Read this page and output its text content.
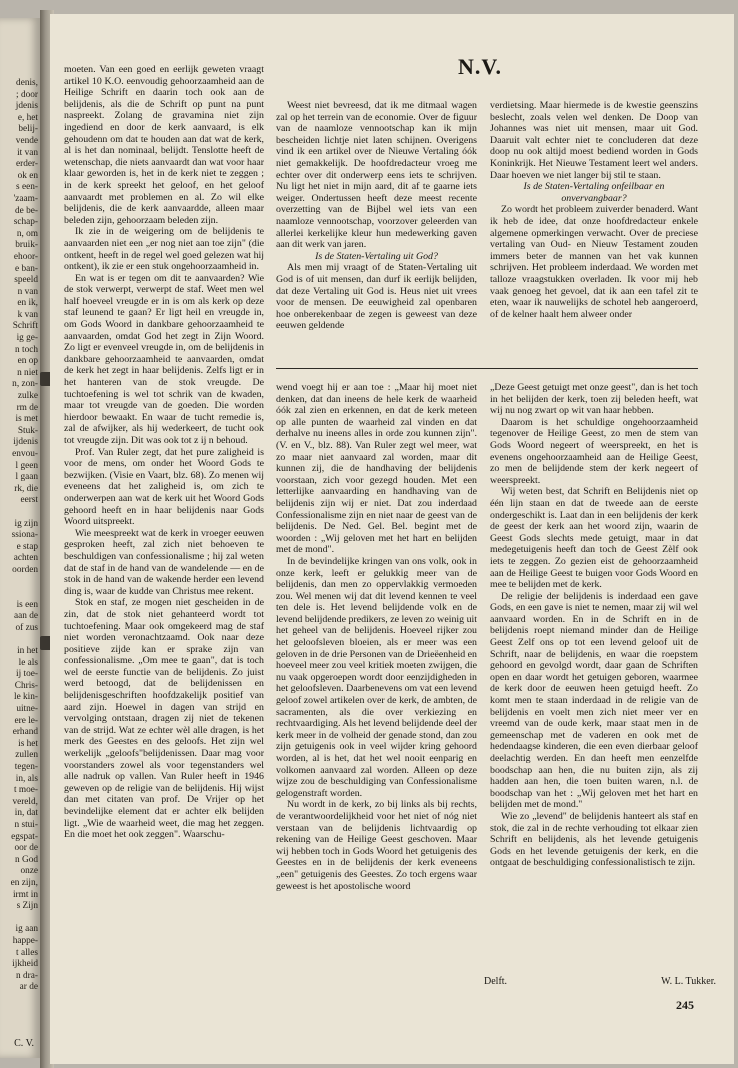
denis,
; door
jdenis
e, het
belij-
vende
it van
erder-
ok en
s een-
'zaam-
de be-
schap-
n, om
bruik-
ehoor-
e ban-
speeld
n van
en ik,
k van
Schrift
ig ge-
n toch
en op
n niet
n, zon-
zulke
rm de
is met
Stuk-
ijdenis
envou-
l geen
l gaan
rk, die
eerst

ig zijn
ssiona-
e stap
achten
oorden

is een
aan de
of zus

in het
le als
ij toe-
Chris-
le kin-
uitne-
ere le-
erhand
is het
zullen
tegen-
in, als
t moe-
vereld,
in, dat
n stui-
egspat-
oor de
n God
onze
en zijn,
irmt in
s Zijn

ig aan
happe-
t alles
ijkheid
n dra-
ar de
C. V.
N.V.

moeten. Van een goed en eerlijk geweten vraagt artikel 10 K.O. eenvoudig gehoorzaamheid aan de Heilige Schrift en daarin toch ook aan de belijdenis, als die de Schrift op punt na punt naspreekt. Zolang de gravamina niet zijn ingediend en door de kerk aanvaard, is elk gehoudenn om dat te houden aan dat wat de kerk, al is het dan nominaal, belijdt. Tenslotte heeft de wetenschap, die niets aanvaardt dan wat voor haar klaar geworden is, het in de kerk niet te zeggen ; in de kerk spreekt het geloof, en het geloof aanvaardt met problemen en al. Zo wil elke belijdenis, die de kerk aanvaardde, alleen maar beleden zijn, gehoorzaam beleden zijn.

Ik zie in de weigering om de belijdenis te aanvaarden niet een „er nog niet aan toe zijn" (die ontkent, heeft in de regel wel goed gelezen wat hij ontkent), ik zie er een stuk ongehoorzaamheid in.

En wat is er tegen om dit te aanvaarden? Wie de stok verwerpt, verwerpt de staf. Weet men wel half hoeveel vreugde er in is om als kerk op deze staf leunend te gaan? Er ligt heil en vreugde in, om Gods Woord in dankbare gehoorzaamheid te aanvaarden, omdat God het zegt in Zijn Woord. Zo ligt er evenveel vreugde in, om de belijdenis in dankbare gehoorzaamheid te aanvaarden, omdat de kerk het zegt in haar belijdenis. Zelfs ligt er in het hanteren van de stok vreugde. De tuchtoefening is wel tot schrik van de kwaden, maar tot vreugde van de goeden. Die worden hierdoor bewaakt. En waar de tucht remedie is, zal de afwijker, als hij wederkeert, de tucht ook tot vreugde zijn. Dit was ook tot z ij n behoud.

Prof. Van Ruler zegt, dat het pure zaligheid is voor de mens, om onder het Woord Gods te bezwijken. (Visie en Vaart, blz. 68). Zo menen wij eveneens dat het zaligheid is, om zich te onderwerpen aan wat de kerk uit het Woord Gods gehoord heeft en in haar belijdenis naar Gods Woord uitspreekt.

Wie meespreekt wat de kerk in vroeger eeuwen gesproken heeft, zal zich niet behoeven te beschuldigen van confessionalisme ; hij zal weten dat de staf in de hand van de wandelende — en de stok in de hand van de wakende herder een levend ding is, waar de kudde van Christus mee rekent.

Stok en staf, ze mogen niet gescheiden in de zin, dat de stok niet gehanteerd wordt tot tuchtoefening. Maar ook omgekeerd mag de staf niet worden veronachtzaamd. Ook naar deze positieve zijde kan er sprake zijn van confessionalisme. „Om mee te gaan", dat is toch wel de eerste functie van de belijdenis. Zo juist werd betoogd, dat de belijdenissen en belijdenisgeschriften hoofdzakelijk positief van aard zijn. Hoewel in dagen van strijd en vervolging ontstaan, dragen zij niet de tekenen van de strijd. Wat ze echter wèl alle dragen, is het merk des Geestes en des geloofs. Het zijn wel werkelijk „geloofs"belijdenissen. Daar mag voor voorstanders zowel als voor tegenstanders wel alle nadruk op vallen. Van Ruler heeft in 1946 geweven op de religie van de belijdenis. Hij wijst dan met citaten van prof. De Vrijer op het bevindelijke element dat er achter elk belijden ligt. „Wie de waarheid weet, die mag het zeggen. En die moet het ook zeggen". Waarschu-

Weest niet bevreesd, dat ik me ditmaal wagen zal op het terrein van de economie. Over de figuur van de naamloze vennootschap kan ik mijn bescheiden lichtje niet laten schijnen. Overigens vind ik een artikel over de Nieuwe Vertaling óók niet gemakkelijk. De hoofdredacteur vroeg me echter over dit onderwerp eens iets te schrijven. Nu ligt het niet in mijn aard, dit af te gaarne iets weiger. Ondertussen heeft deze meest recente overzetting van de Bijbel wel iets van een naamloze vennootschap, voorzover geleerden van allerlei kerkelijke kleur hun medewerking gaven aan dit werk van jaren.

Is de Staten-Vertaling uit God?

Als men mij vraagt of de Staten-Vertaling uit God is of uit mensen, dan durf ik eerlijk belijden, dat deze Vertaling uit God is. Heus niet uit vrees voor de mensen. De eeuwigheid zal openbaren hoe onberekenbaar de zegen is geweest van deze eeuwen geldende

verdietsing. Maar hiermede is de kwestie geenszins beslecht, zoals velen wel denken. De Doop van Johannes was niet uit mensen, maar uit God. Daaruit valt echter niet te concluderen dat deze doop nu ook altijd moest bediend worden in Gods Koninkrijk. Het Nieuwe Testament leert wel anders. Daar hoeven we niet langer bij stil te staan.

Is de Staten-Vertaling onfeilbaar en onvervangbaar?

Zo wordt het probleem zuiverder benaderd. Want ik heb de idee, dat onze hoofdredacteur enkele algemene opmerkingen verwacht. Over de preciese vertaling van Oud- en Nieuw Testament zouden immers beter de mannen van het vak kunnen schrijven. Het probleem inderdaad. We worden met talloze vraagstukken overladen. Ik voor mij heb vaak genoeg het gevoel, dat ik aan een tafel zit te eten, waar ik nauwelijks de schotel heb aangeroerd, of de kelner haalt hem alweer onder

wend voegt hij er aan toe : „Maar hij moet niet denken, dat dan ineens de hele kerk de waarheid óók zal zien en erkennen, en dat de kerk meteen op alle punten de waarheid zal vinden en dat derhalve nu ineens alles in orde zou kunnen zijn". (V. en V., blz. 88). Van Ruler zegt wel meer, wat zo maar niet aanvaard zal worden, maar dit kunnen zij, die de handhaving der belijdenis voorstaan, zich voor gezegd houden. Met een letterlijke aanvaarding en handhaving van de belijdenis zijn wij er niet. Dat zou inderdaad Confessionalisme zijn en niet naar de geest van de belijdenis. De Ned. Gel. Bel. begint met de woorden : „Wij geloven met het hart en belijden met de mond".

In de bevindelijke kringen van ons volk, ook in onze kerk, leeft er gelukkig meer van de belijdenis, dan men zo oppervlakkig vermoeden zou. Wel menen wij dat dit levend kennen te veel ten dele is. Het levend belijdende volk en de levend belijdende predikers, ze leven zo weinig uit het geheel van de belijdenis. Hoeveel rijker zou het geloofsleven bloeien, als er meer was een geloven in de drie Personen van de Drieëenheid en hoeveel meer zou veel kritiek moeten zwijgen, die nu vaak opgeroepen wordt door eenzijdigheden in het geloofsleven. Daarbenevens om vat een levend geloof zowel artikelen over de kerk, de ambten, de sacramenten, als die over verkiezing en rechtvaardiging. Als het levend belijdende deel der kerk meer in de volheid der genade stond, dan zou zijn getuigenis ook in veel wijder kring gehoord worden, al is het, dat het wel nooit eenparig en volkomen aanvaard zal worden. Alleen op deze wijze zou de beschuldiging van Confessionalisme gelogenstraft worden.

Nu wordt in de kerk, zo bij links als bij rechts, de verantwoordelijkheid voor het niet of nóg niet verstaan van de belijdenis lichtvaardig op rekening van de Heilige Geest geschoven. Maar wij hebben toch in Gods Woord het getuigenis des Geestes en in de belijdenis der kerk eveneens „een" getuigenis des Geestes. Zo toch ergens waar geweest is het apostolische woord

„Deze Geest getuigt met onze geest", dan is het toch in het belijden der kerk, toen zij beleden heeft, wat wij nu nog zwart op wit van haar hebben.

Daarom is het schuldige ongehoorzaamheid tegenover de Heilige Geest, zo men de stem van Gods Woord negeert of weerspreekt, en het is evenens ongehoorzaamheid aan de Heilige Geest, zo men de belijdende stem der kerk negeert of weerspreekt.

Wij weten best, dat Schrift en Belijdenis niet op één lijn staan en dat de tweede aan de eerste ondergeschikt is. Laat dan in een belijdenis der kerk de geest der kerk aan het woord zijn, waarin de Geest Gods slechts mede getuigt, maar in dat medegetuigenis heeft dan toch de Geest Zèlf ook iets te zeggen. Zo gezien eist de gehoorzaamheid aan de Heilige Geest te buigen voor Gods Woord en mee te belijden met de kerk.

De religie der belijdenis is inderdaad een gave Gods, en een gave is niet te nemen, maar zij wil wel aanvaard worden. En in de Schrift en in de belijdenis roept niemand minder dan de Heilige Geest Zelf ons op tot een levend geloof uit de Schrift, naar de belijdenis, en waar die roepstem gehoord en gevolgd wordt, daar gaan de Schriften open en daar wordt het getuigen geboren, waarmee de kerk door de eeuwen heen getuigd heeft. Zo komt men te staan inderdaad in de religie van de belijdenis en voelt men zich niet meer ver en vreemd van de oude kerk, maar staat men in de gemeenschap met de vaderen en ook met de hedendaagse kinderen, die een even dierbaar geloof deelachtig werden. En dan heeft men eenzelfde boodschap aan hen, die nu buiten zijn, als zij hadden aan hen, die toen buiten waren, n.l. de boodschap van het : „Wij geloven met het hart en belijden met de mond."

Wie zo „levend" de belijdenis hanteert als staf en stok, die zal in de rechte verhouding tot elkaar zien Schrift en belijdenis, als het levende getuigenis Gods en het levende getuigenis der kerk, en die ontgaat de beschuldiging confessionalistisch te zijn.

Delft.	W. L. Tukker.
245
